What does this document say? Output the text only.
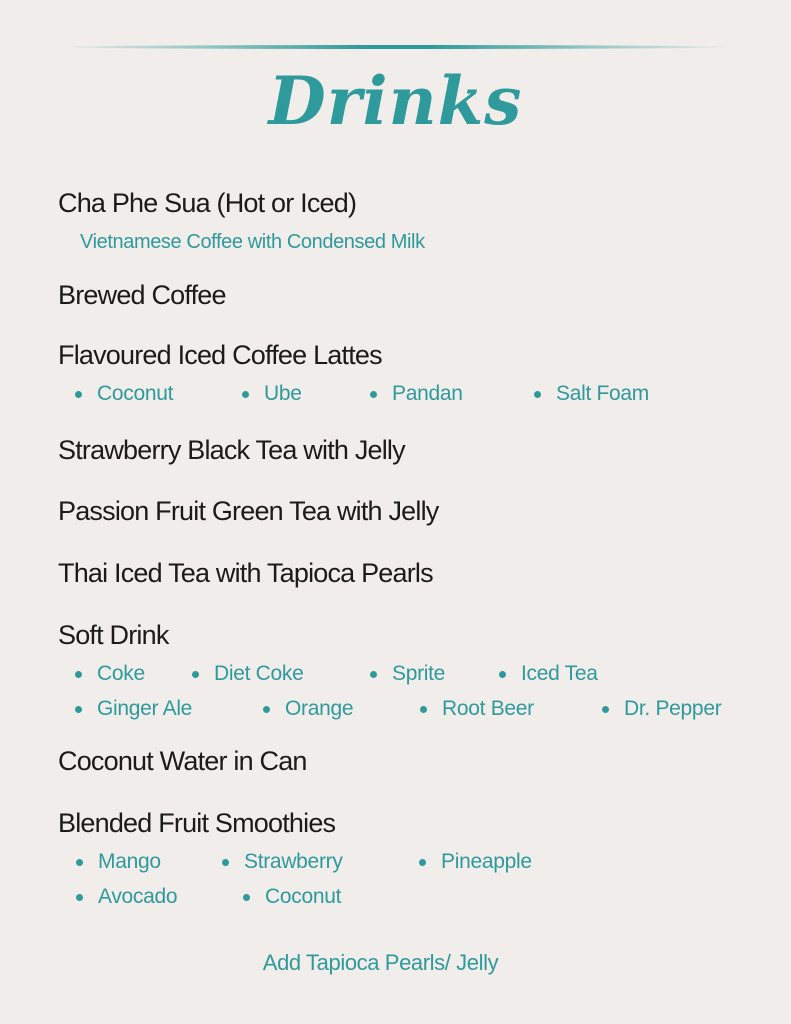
Drinks
Cha Phe Sua (Hot or Iced)
Vietnamese Coffee with Condensed Milk
Brewed Coffee
Flavoured Iced Coffee Lattes
Coconut	Ube	Pandan	Salt Foam
Strawberry Black Tea with Jelly
Passion Fruit Green Tea with Jelly
Thai Iced Tea with Tapioca Pearls
Soft Drink
Coke	Diet Coke	Sprite	Iced Tea
Ginger Ale	Orange	Root Beer	Dr. Pepper
Coconut Water in Can
Blended Fruit Smoothies
Mango	Strawberry	Pineapple
Avocado	Coconut
Add Tapioca Pearls/ Jelly
